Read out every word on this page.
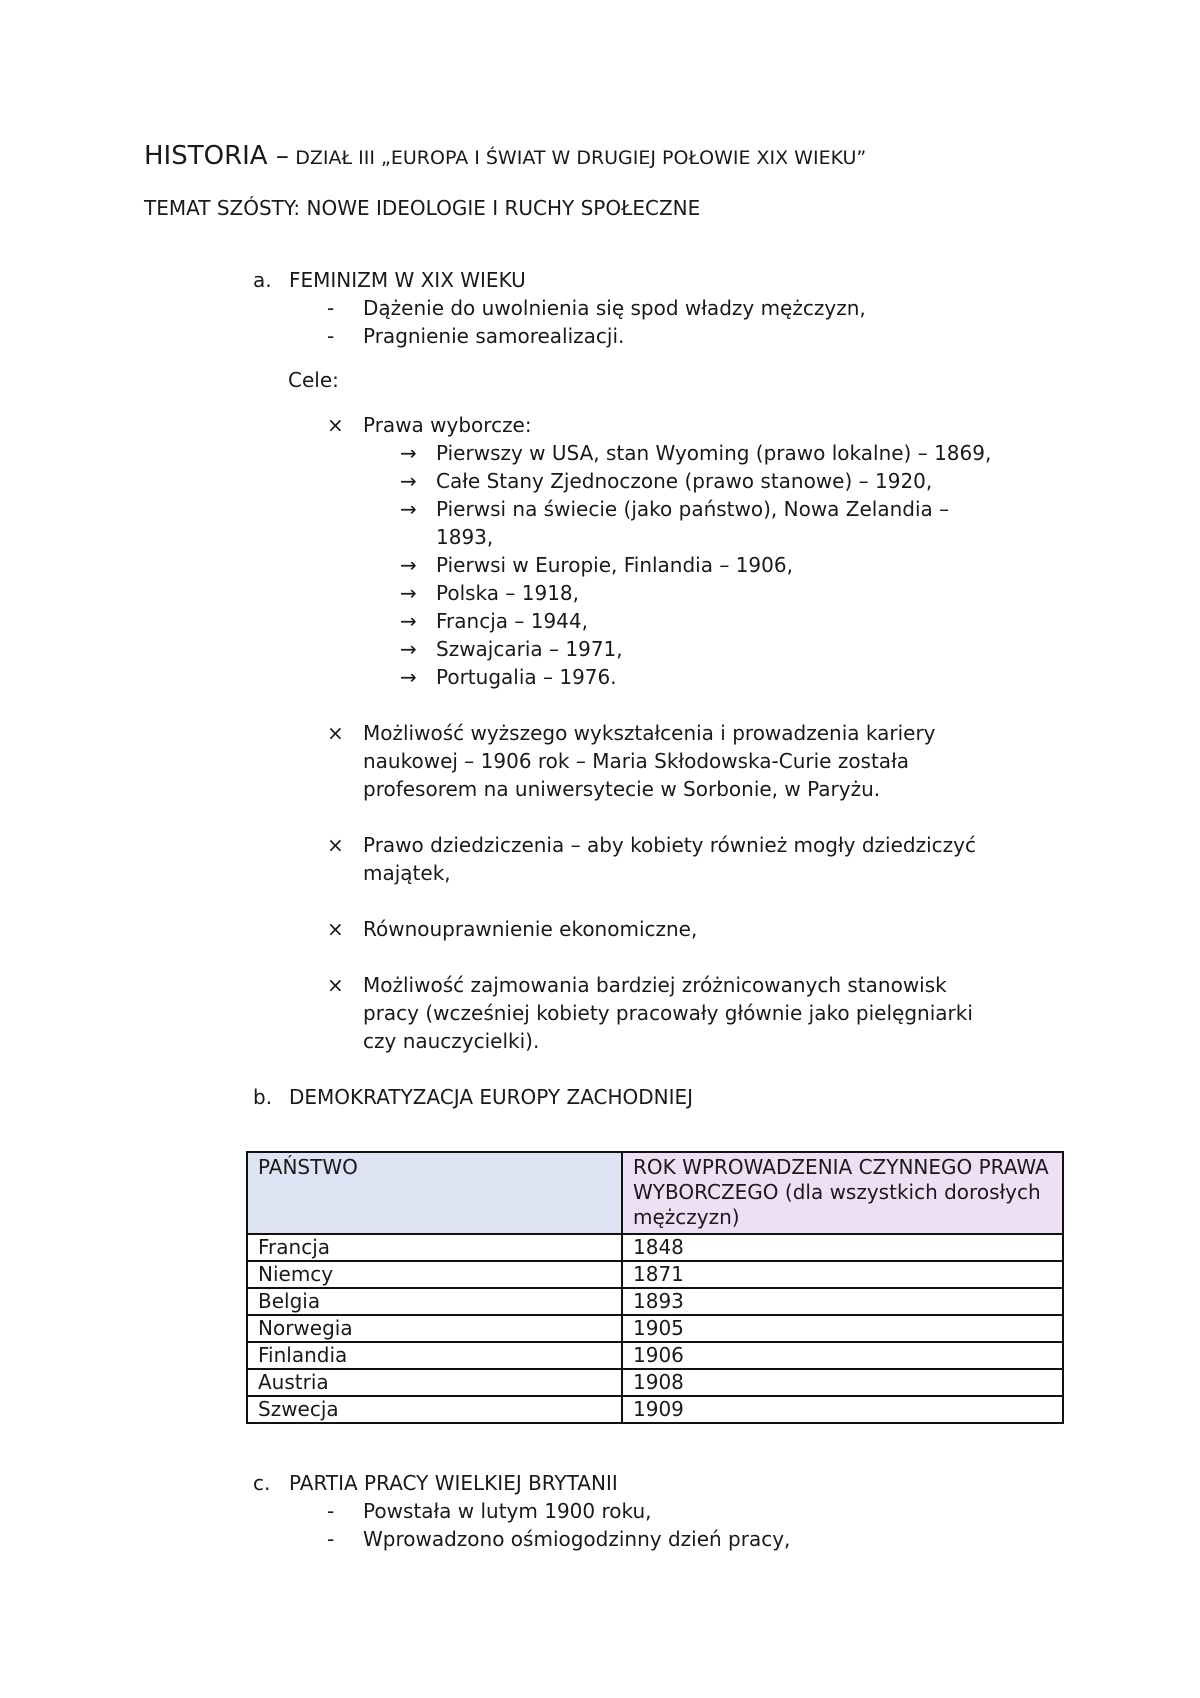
HISTORIA – DZIAŁ III „EUROPA I ŚWIAT W DRUGIEJ POŁOWIE XIX WIEKU”
TEMAT SZÓSTY: NOWE IDEOLOGIE I RUCHY SPOŁECZNE
a. FEMINIZM W XIX WIEKU
- Dążenie do uwolnienia się spod władzy mężczyzn,
- Pragnienie samorealizacji.
Cele:
× Prawa wyborcze:
→ Pierwszy w USA, stan Wyoming (prawo lokalne) – 1869,
→ Całe Stany Zjednoczone (prawo stanowe) – 1920,
→ Pierwsi na świecie (jako państwo), Nowa Zelandia –
1893,
→ Pierwsi w Europie, Finlandia – 1906,
→ Polska – 1918,
→ Francja – 1944,
→ Szwajcaria – 1971,
→ Portugalia – 1976.
× Możliwość wyższego wykształcenia i prowadzenia kariery
naukowej – 1906 rok – Maria Skłodowska-Curie została
profesorem na uniwersytecie w Sorbonie, w Paryżu.
× Prawo dziedziczenia – aby kobiety również mogły dziedziczyć
majątek,
× Równouprawnienie ekonomiczne,
× Możliwość zajmowania bardziej zróżnicowanych stanowisk
pracy (wcześniej kobiety pracowały głównie jako pielęgniarki
czy nauczycielki).
b. DEMOKRATYZACJA EUROPY ZACHODNIEJ
PAŃSTWO	ROK WPROWADZENIA CZYNNEGO PRAWA WYBORCZEGO (dla wszystkich dorosłych mężczyzn)
Francja	1848
Niemcy	1871
Belgia	1893
Norwegia	1905
Finlandia	1906
Austria	1908
Szwecja	1909
c. PARTIA PRACY WIELKIEJ BRYTANII
- Powstała w lutym 1900 roku,
- Wprowadzono ośmiogodzinny dzień pracy,
